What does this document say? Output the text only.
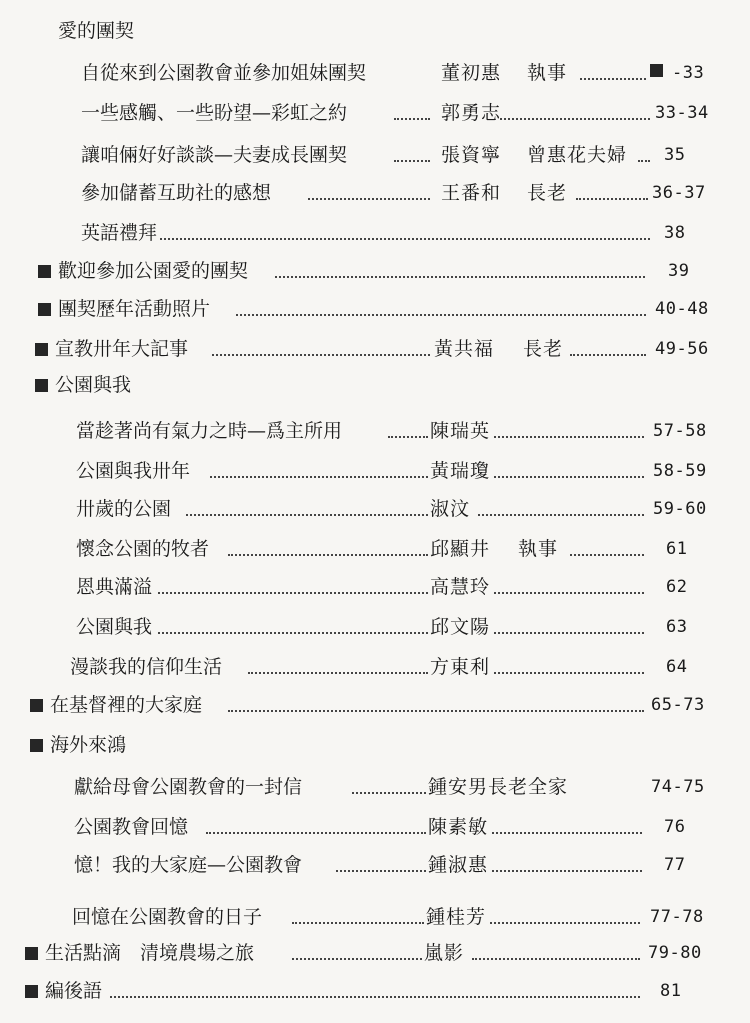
愛的團契
自從來到公園教會並參加姐妹團契	董初惠 執事	-33
一些感觸、一些盼望—彩虹之約	郭勇志	33-34
讓咱倆好好談談—夫妻成長團契	張資寧 曾惠花夫婦 35
參加儲蓄互助社的感想	王番和 長老	36-37
英語禮拜	38
歡迎參加公園愛的團契	39
團契歷年活動照片	40-48
宣教卅年大記事	黃共福 長老	49-56
公園與我
當趁著尚有氣力之時—爲主所用	陳瑞英	57-58
公園與我卅年	黃瑞瓊	58-59
卅歲的公園	淑汶	59-60
懷念公園的牧者	邱顯井 執事	61
恩典滿溢	高慧玲	62
公園與我	邱文陽	63
漫談我的信仰生活	方東利	64
在基督裡的大家庭	65-73
海外來鴻
獻給母會公園教會的一封信	鍾安男長老全家	74-75
公園教會回憶	陳素敏	76
憶！我的大家庭—公園教會	鍾淑惠	77
回憶在公園教會的日子	鍾桂芳	77-78
生活點滴　清境農場之旅	嵐影	79-80
編後語	81
